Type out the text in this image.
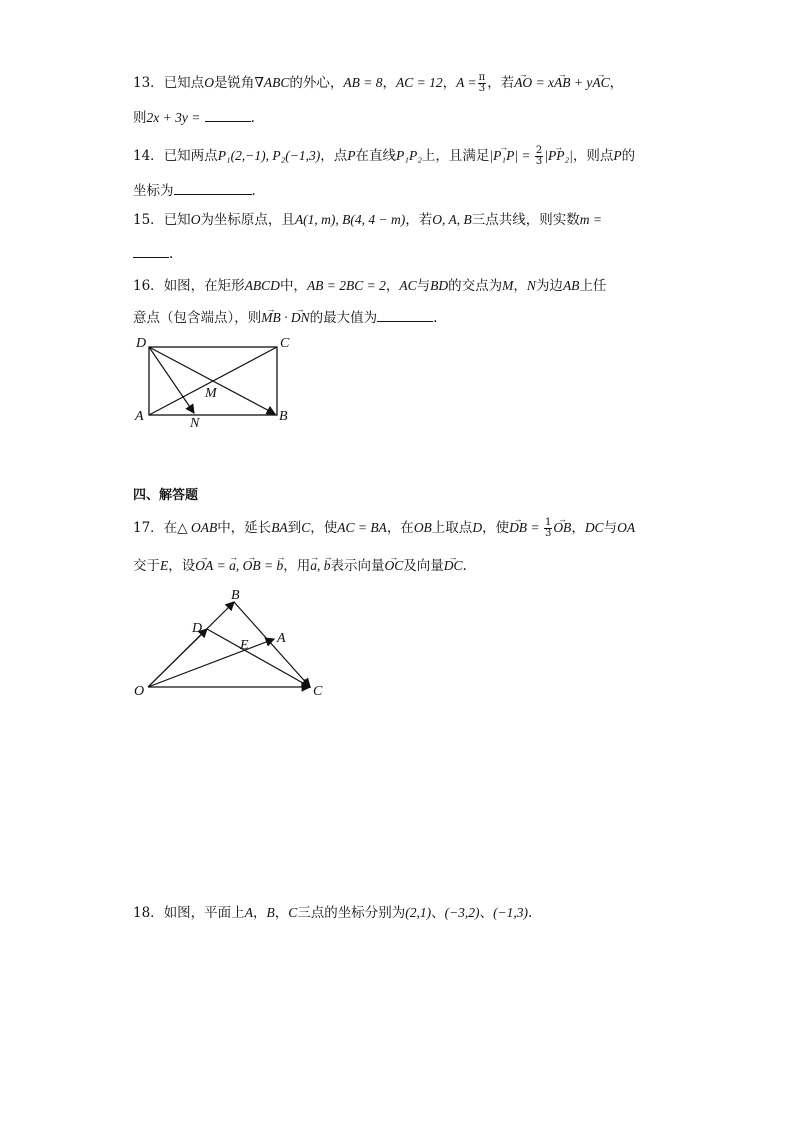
13．已知点O是锐角∇ABC的外心，AB = 8，AC = 12，$A = \frac{\pi}{3}$ ，若→ AO = x→ AB + y→ AC，
则2x + 3y =	.
14．已知两点P₁(2,−1), P₂(−1,3)，点P在直线P₁P₂上，且满足→ $|P_1P| = \frac{2}{3}$
→ |PP₂|，则点P的
坐标为	.
15．已知O为坐标原点，且A(1, m), B(4, 4 − m)，若O, A, B三点共线，则实数m =
.
16．如图，在矩形ABCD中，AB = 2BC = 2，AC与BD的交点为M，N为边AB上任
意点（包含端点），则→ MB · → DN的最大值为	.
D	C
A	B
M
N
四、解答题
17．在△ OAB中，延长BA到C，使AC = BA，在OB上取点D，使→ DB = $\frac{1}{3}$
→ OB，DC与OA
交于E，设→ OA = → a, → OB = → b，用→ a, → b表示向量→ OC及向量→ DC.
O
B
D
E A
C
18．如图，平面上A，B，C三点的坐标分别为(2,1)、(−3,2)、(−1,3).
